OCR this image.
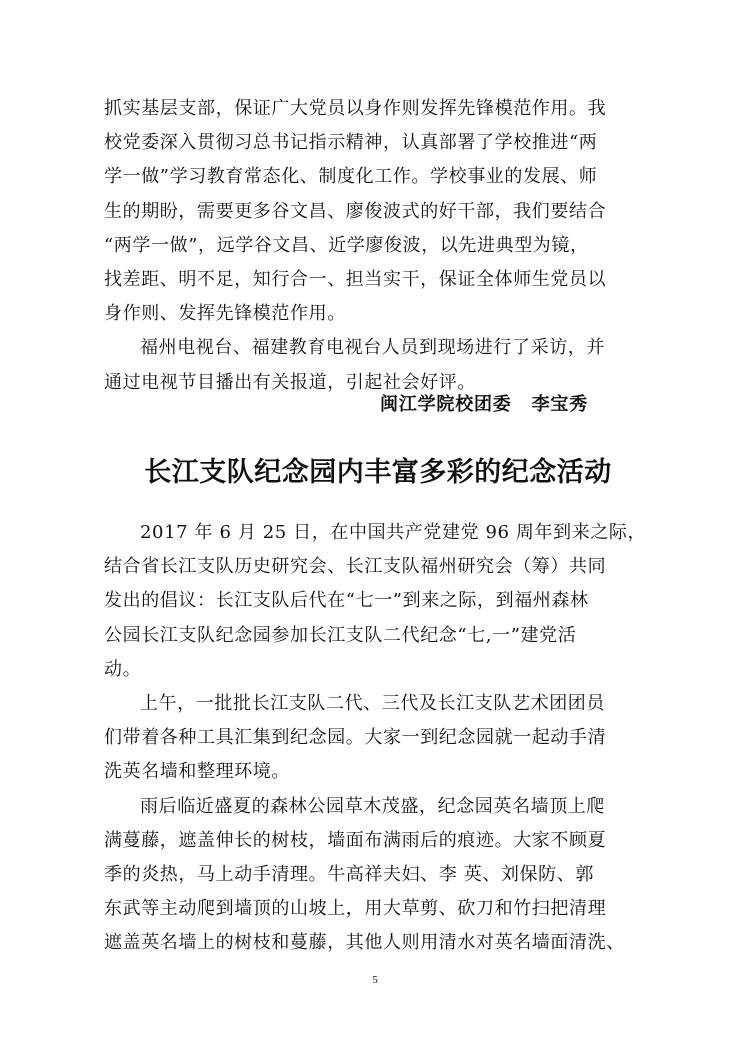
抓实基层支部，保证广大党员以身作则发挥先锋模范作用。我
校党委深入贯彻习总书记指示精神，认真部署了学校推进“两
学一做”学习教育常态化、制度化工作。学校事业的发展、师
生的期盼，需要更多谷文昌、廖俊波式的好干部，我们要结合
“两学一做”，远学谷文昌、近学廖俊波，以先进典型为镜，
找差距、明不足，知行合一、担当实干，保证全体师生党员以
身作则、发挥先锋模范作用。
福州电视台、福建教育电视台人员到现场进行了采访，并
通过电视节目播出有关报道，引起社会好评。

闽江学院校团委 李宝秀

长江支队纪念园内丰富多彩的纪念活动
2017 年 6 月 25 日，在中国共产党建党 96 周年到来之际，
结合省长江支队历史研究会、长江支队福州研究会（筹）共同
发出的倡议：长江支队后代在“七一”到来之际，到福州森林
公园长江支队纪念园参加长江支队二代纪念“七,一”建党活
动。
上午，一批批长江支队二代、三代及长江支队艺术团团员
们带着各种工具汇集到纪念园。大家一到纪念园就一起动手清
洗英名墙和整理环境。
雨后临近盛夏的森林公园草木茂盛，纪念园英名墙顶上爬
满蔓藤，遮盖伸长的树枝，墙面布满雨后的痕迹。大家不顾夏
季的炎热，马上动手清理。牛高祥夫妇、李 英、刘保防、郭
东武等主动爬到墙顶的山坡上，用大草剪、砍刀和竹扫把清理
遮盖英名墙上的树枝和蔓藤，其他人则用清水对英名墙面清洗、

5
